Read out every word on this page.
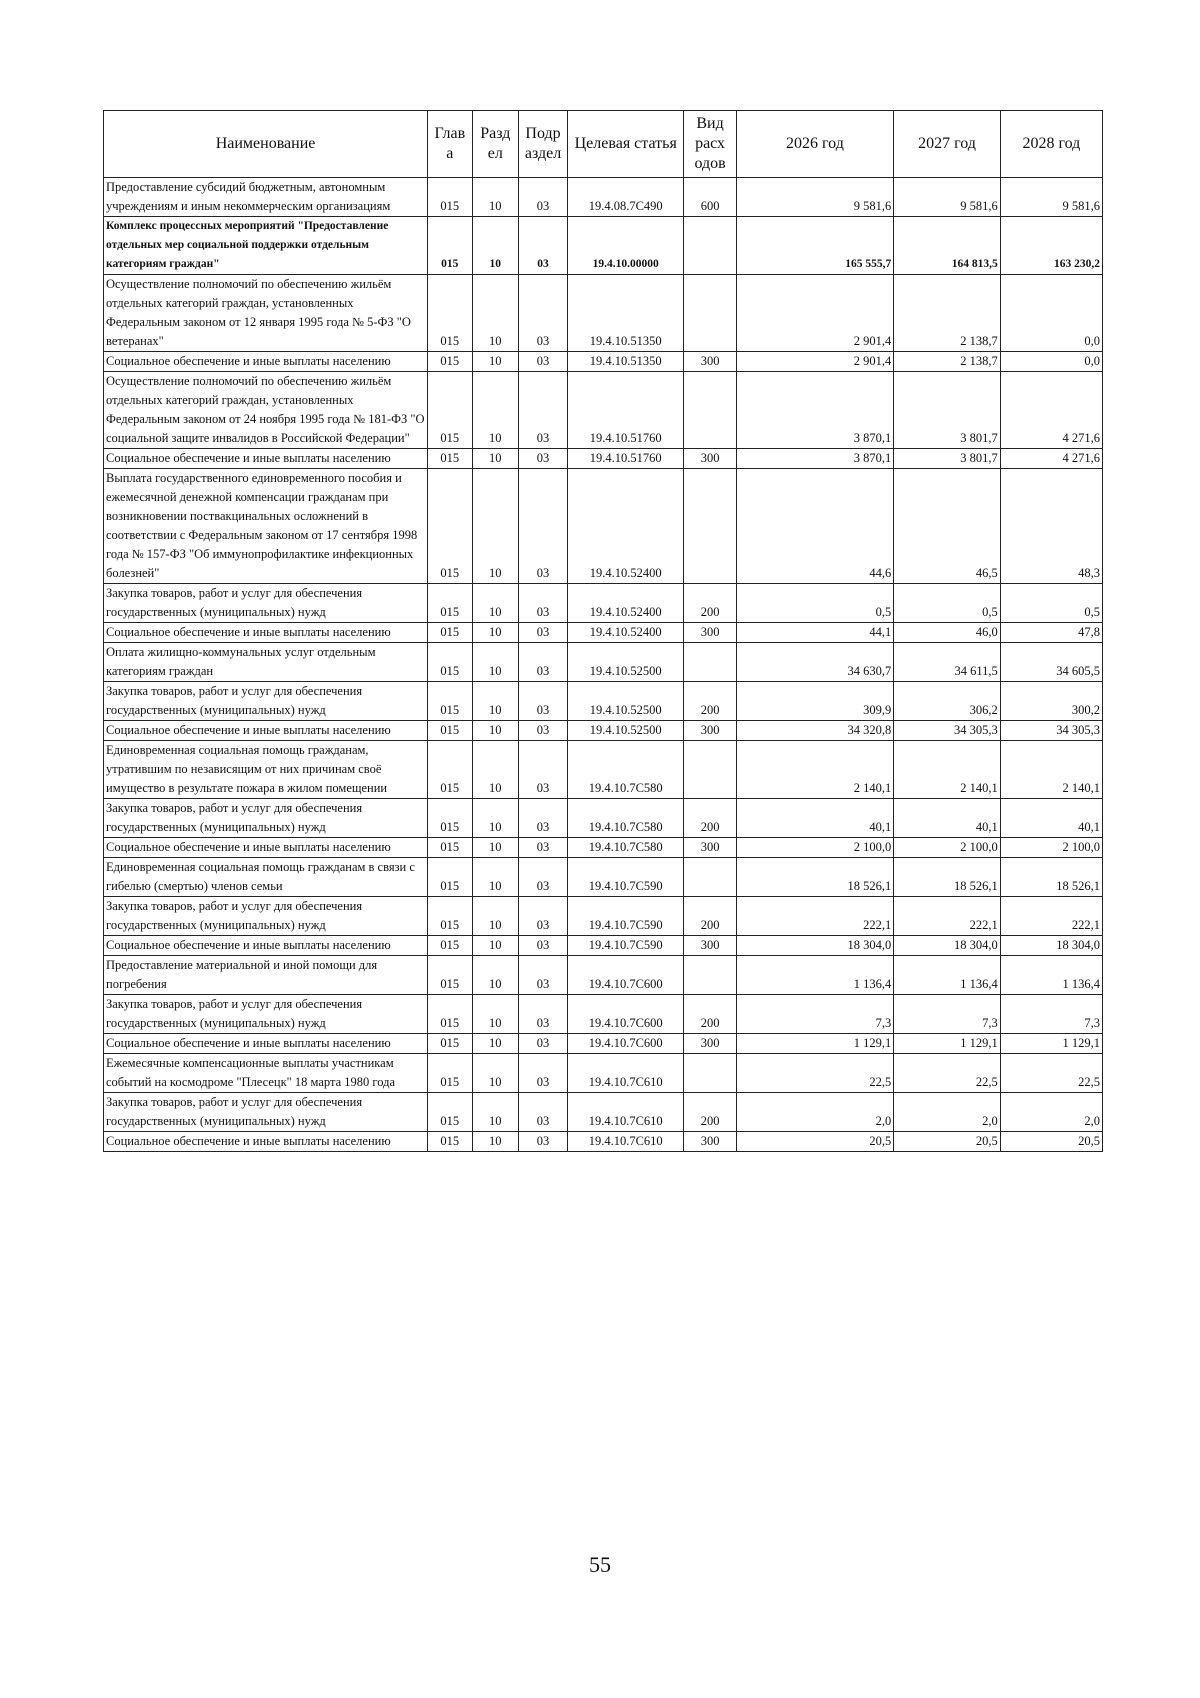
Наименование	Глав а	Разд ел	Подр аздел	Целевая статья	Вид расх одов	2026 год	2027 год	2028 год
Предоставление субсидий бюджетным, автономным учреждениям и иным некоммерческим организациям	015	10	03	19.4.08.7С490	600	9 581,6	9 581,6	9 581,6
Комплекс процессных мероприятий "Предоставление отдельных мер социальной поддержки отдельным категориям граждан"	015	10	03	19.4.10.00000		165 555,7	164 813,5	163 230,2
Осуществление полномочий по обеспечению жильём отдельных категорий граждан, установленных Федеральным законом от 12 января 1995 года № 5-ФЗ "О ветеранах"	015	10	03	19.4.10.51350		2 901,4	2 138,7	0,0
Социальное обеспечение и иные выплаты населению	015	10	03	19.4.10.51350	300	2 901,4	2 138,7	0,0
Осуществление полномочий по обеспечению жильём отдельных категорий граждан, установленных Федеральным законом от 24 ноября 1995 года № 181-ФЗ "О социальной защите инвалидов в Российской Федерации"	015	10	03	19.4.10.51760		3 870,1	3 801,7	4 271,6
Социальное обеспечение и иные выплаты населению	015	10	03	19.4.10.51760	300	3 870,1	3 801,7	4 271,6
Выплата государственного единовременного пособия и ежемесячной денежной компенсации гражданам при возникновении поствакцинальных осложнений в соответствии с Федеральным законом от 17 сентября 1998 года № 157-ФЗ "Об иммунопрофилактике инфекционных болезней"	015	10	03	19.4.10.52400		44,6	46,5	48,3
Закупка товаров, работ и услуг для обеспечения государственных (муниципальных) нужд	015	10	03	19.4.10.52400	200	0,5	0,5	0,5
Социальное обеспечение и иные выплаты населению	015	10	03	19.4.10.52400	300	44,1	46,0	47,8
Оплата жилищно-коммунальных услуг отдельным категориям граждан	015	10	03	19.4.10.52500		34 630,7	34 611,5	34 605,5
Закупка товаров, работ и услуг для обеспечения государственных (муниципальных) нужд	015	10	03	19.4.10.52500	200	309,9	306,2	300,2
Социальное обеспечение и иные выплаты населению	015	10	03	19.4.10.52500	300	34 320,8	34 305,3	34 305,3
Единовременная социальная помощь гражданам, утратившим по независящим от них причинам своё имущество в результате пожара в жилом помещении	015	10	03	19.4.10.7С580		2 140,1	2 140,1	2 140,1
Закупка товаров, работ и услуг для обеспечения государственных (муниципальных) нужд	015	10	03	19.4.10.7С580	200	40,1	40,1	40,1
Социальное обеспечение и иные выплаты населению	015	10	03	19.4.10.7С580	300	2 100,0	2 100,0	2 100,0
Единовременная социальная помощь гражданам в связи с гибелью (смертью) членов семьи	015	10	03	19.4.10.7С590		18 526,1	18 526,1	18 526,1
Закупка товаров, работ и услуг для обеспечения государственных (муниципальных) нужд	015	10	03	19.4.10.7С590	200	222,1	222,1	222,1
Социальное обеспечение и иные выплаты населению	015	10	03	19.4.10.7С590	300	18 304,0	18 304,0	18 304,0
Предоставление материальной и иной помощи для погребения	015	10	03	19.4.10.7С600		1 136,4	1 136,4	1 136,4
Закупка товаров, работ и услуг для обеспечения государственных (муниципальных) нужд	015	10	03	19.4.10.7С600	200	7,3	7,3	7,3
Социальное обеспечение и иные выплаты населению	015	10	03	19.4.10.7С600	300	1 129,1	1 129,1	1 129,1
Ежемесячные компенсационные выплаты участникам событий на космодроме "Плесецк" 18 марта 1980 года	015	10	03	19.4.10.7С610		22,5	22,5	22,5
Закупка товаров, работ и услуг для обеспечения государственных (муниципальных) нужд	015	10	03	19.4.10.7С610	200	2,0	2,0	2,0
Социальное обеспечение и иные выплаты населению	015	10	03	19.4.10.7С610	300	20,5	20,5	20,5
55
